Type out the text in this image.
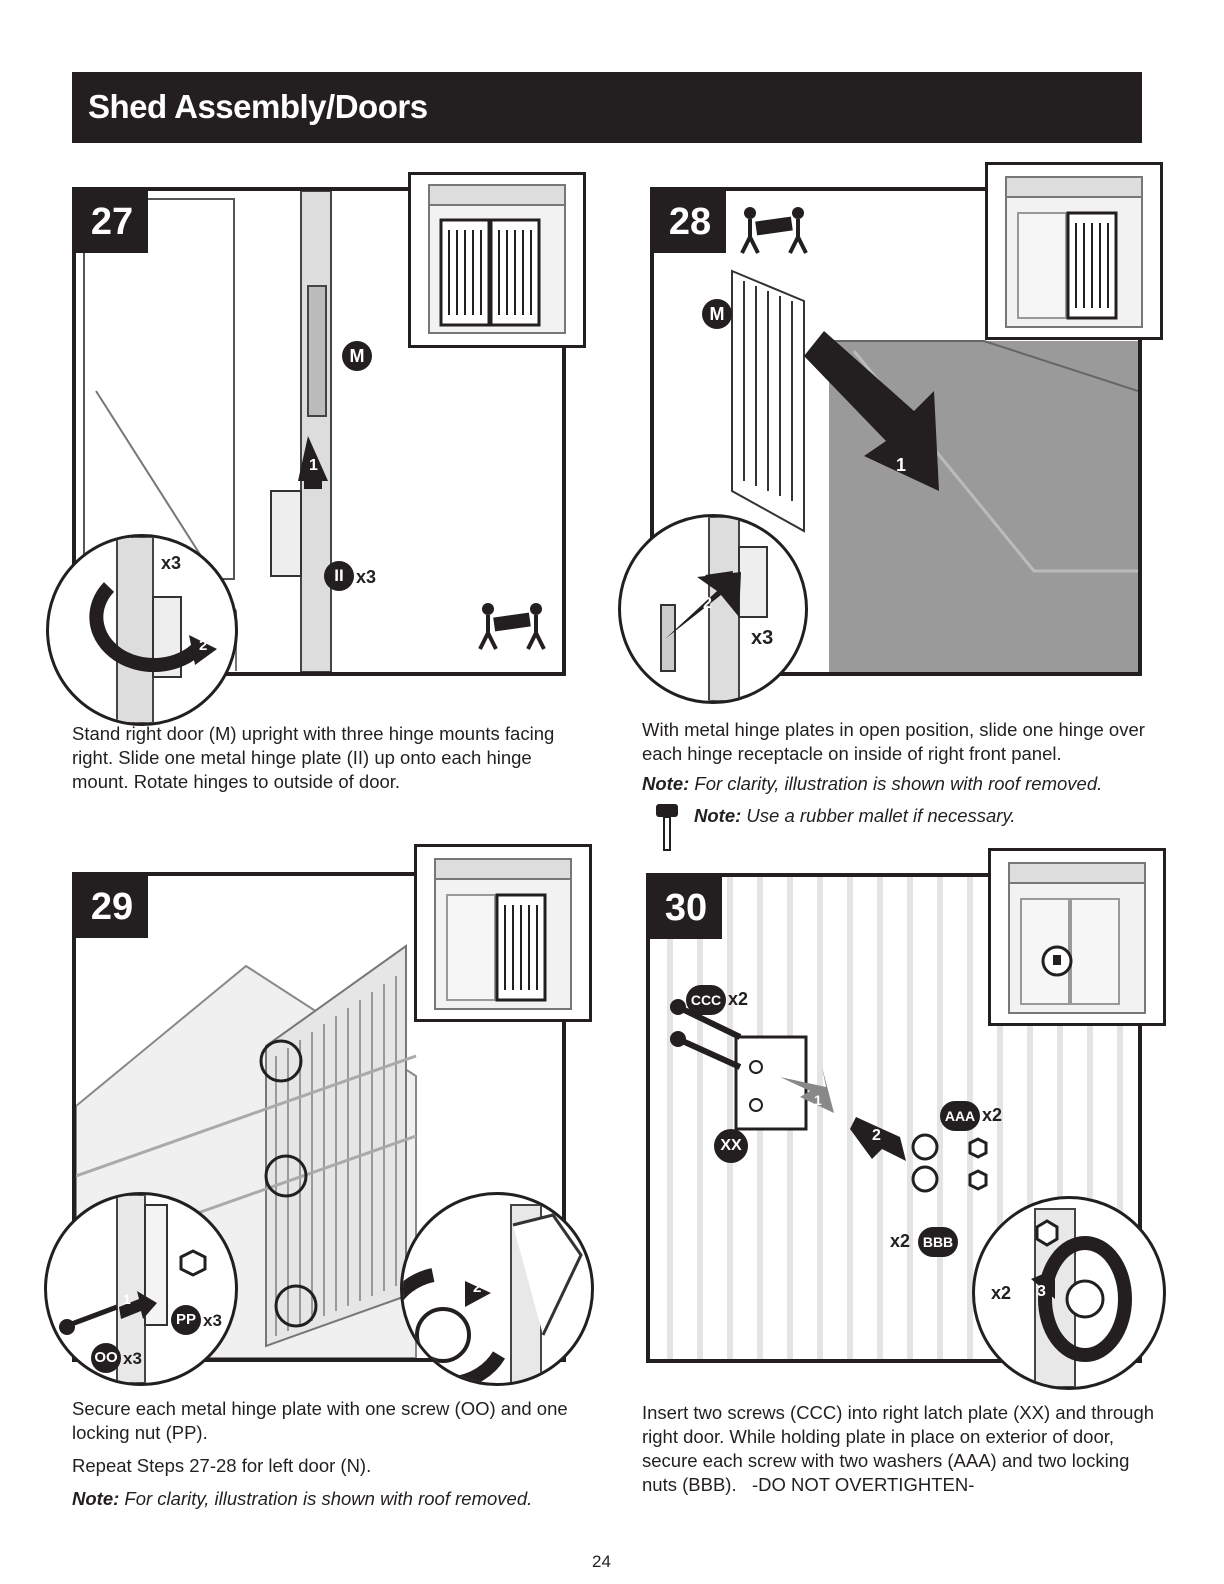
Shed Assembly/Doors
M
1
II x3
27
x3
2

Stand right door (M) upright with three hinge mounts facing right. Slide one metal hinge plate (II) up onto each hinge mount. Rotate hinges to outside of door.

M
1
28
2
x3

With metal hinge plates in open position, slide one hinge over each hinge receptacle on inside of right front panel.

Note: For clarity, illustration is shown with roof removed.

Note: Use a rubber mallet if necessary.
29
PP x3
OO x3
1
2

Secure each metal hinge plate with one screw (OO) and one locking nut (PP).

Repeat Steps 27-28 for left door (N).

Note: For clarity, illustration is shown with roof removed.

CCC x2
XX
AAA x2
x2 BBB
1
2
30
x2 3

Insert two screws (CCC) into right latch plate (XX) and through right door. While holding plate in place on exterior of door, secure each screw with two washers (AAA) and two locking nuts (BBB).   -DO NOT OVERTIGHTEN-

24
